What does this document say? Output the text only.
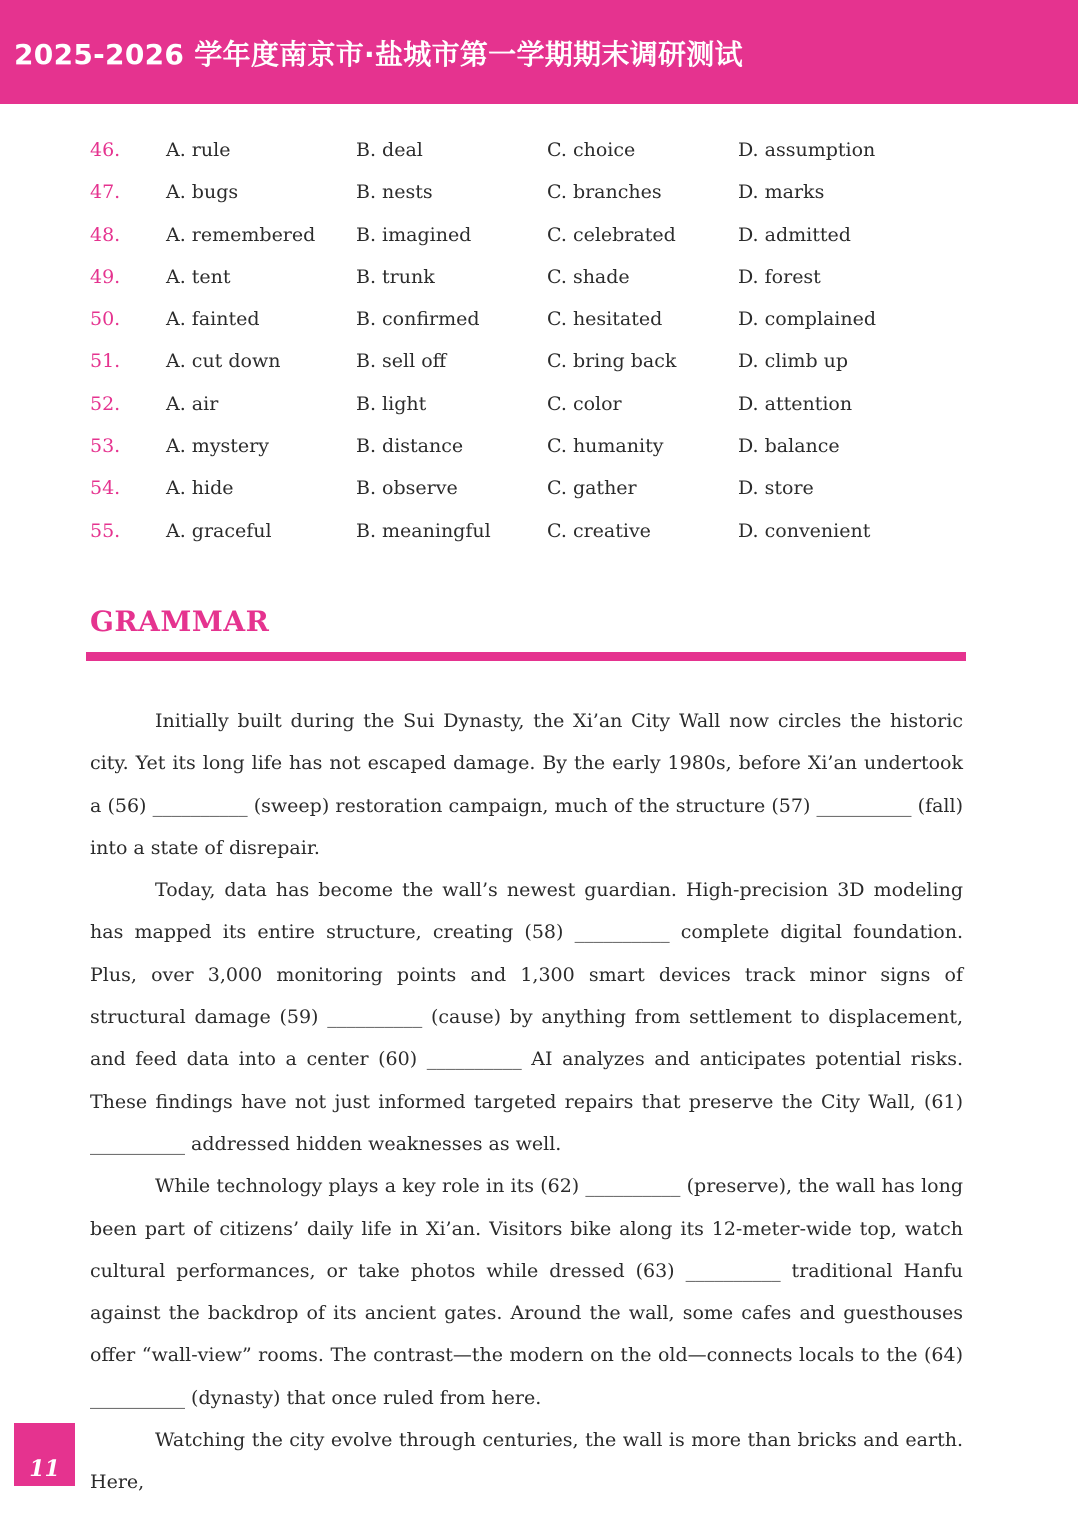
2025-2026 学年度南京市·盐城市第一学期期末调研测试
46. A. rule	B. deal	C. choice	D. assumption
47. A. bugs	B. nests	C. branches	D. marks
48. A. remembered B. imagined	C. celebrated	D. admitted
49. A. tent	B. trunk	C. shade	D. forest
50. A. fainted	B. confirmed	C. hesitated	D. complained
51. A. cut down	B. sell off	C. bring back	D. climb up
52. A. air	B. light	C. color	D. attention
53. A. mystery	B. distance	C. humanity	D. balance
54. A. hide	B. observe	C. gather	D. store
55. A. graceful	B. meaningful	C. creative	D. convenient
GRAMMAR

Initially built during the Sui Dynasty, the Xi’an City Wall now circles the historic city. Yet its long life has not escaped damage. By the early 1980s, before Xi’an undertook a (56) __________ (sweep) restoration campaign, much of the structure (57) __________ (fall) into a state of disrepair.

Today, data has become the wall’s newest guardian. High-precision 3D modeling has mapped its entire structure, creating (58) __________ complete digital foundation. Plus, over 3,000 monitoring points and 1,300 smart devices track minor signs of structural damage (59) __________ (cause) by anything from settlement to displacement, and feed data into a center (60) __________ AI analyzes and anticipates potential risks. These findings have not just informed targeted repairs that preserve the City Wall, (61) __________ addressed hidden weaknesses as well.

While technology plays a key role in its (62) __________ (preserve), the wall has long been part of citizens’ daily life in Xi’an. Visitors bike along its 12-meter-wide top, watch cultural performances, or take photos while dressed (63) __________ traditional Hanfu against the backdrop of its ancient gates. Around the wall, some cafes and guesthouses offer “wall-view” rooms. The contrast—the modern on the old—connects locals to the (64) __________ (dynasty) that once ruled from here.

Watching the city evolve through centuries, the wall is more than bricks and earth. Here,

11
